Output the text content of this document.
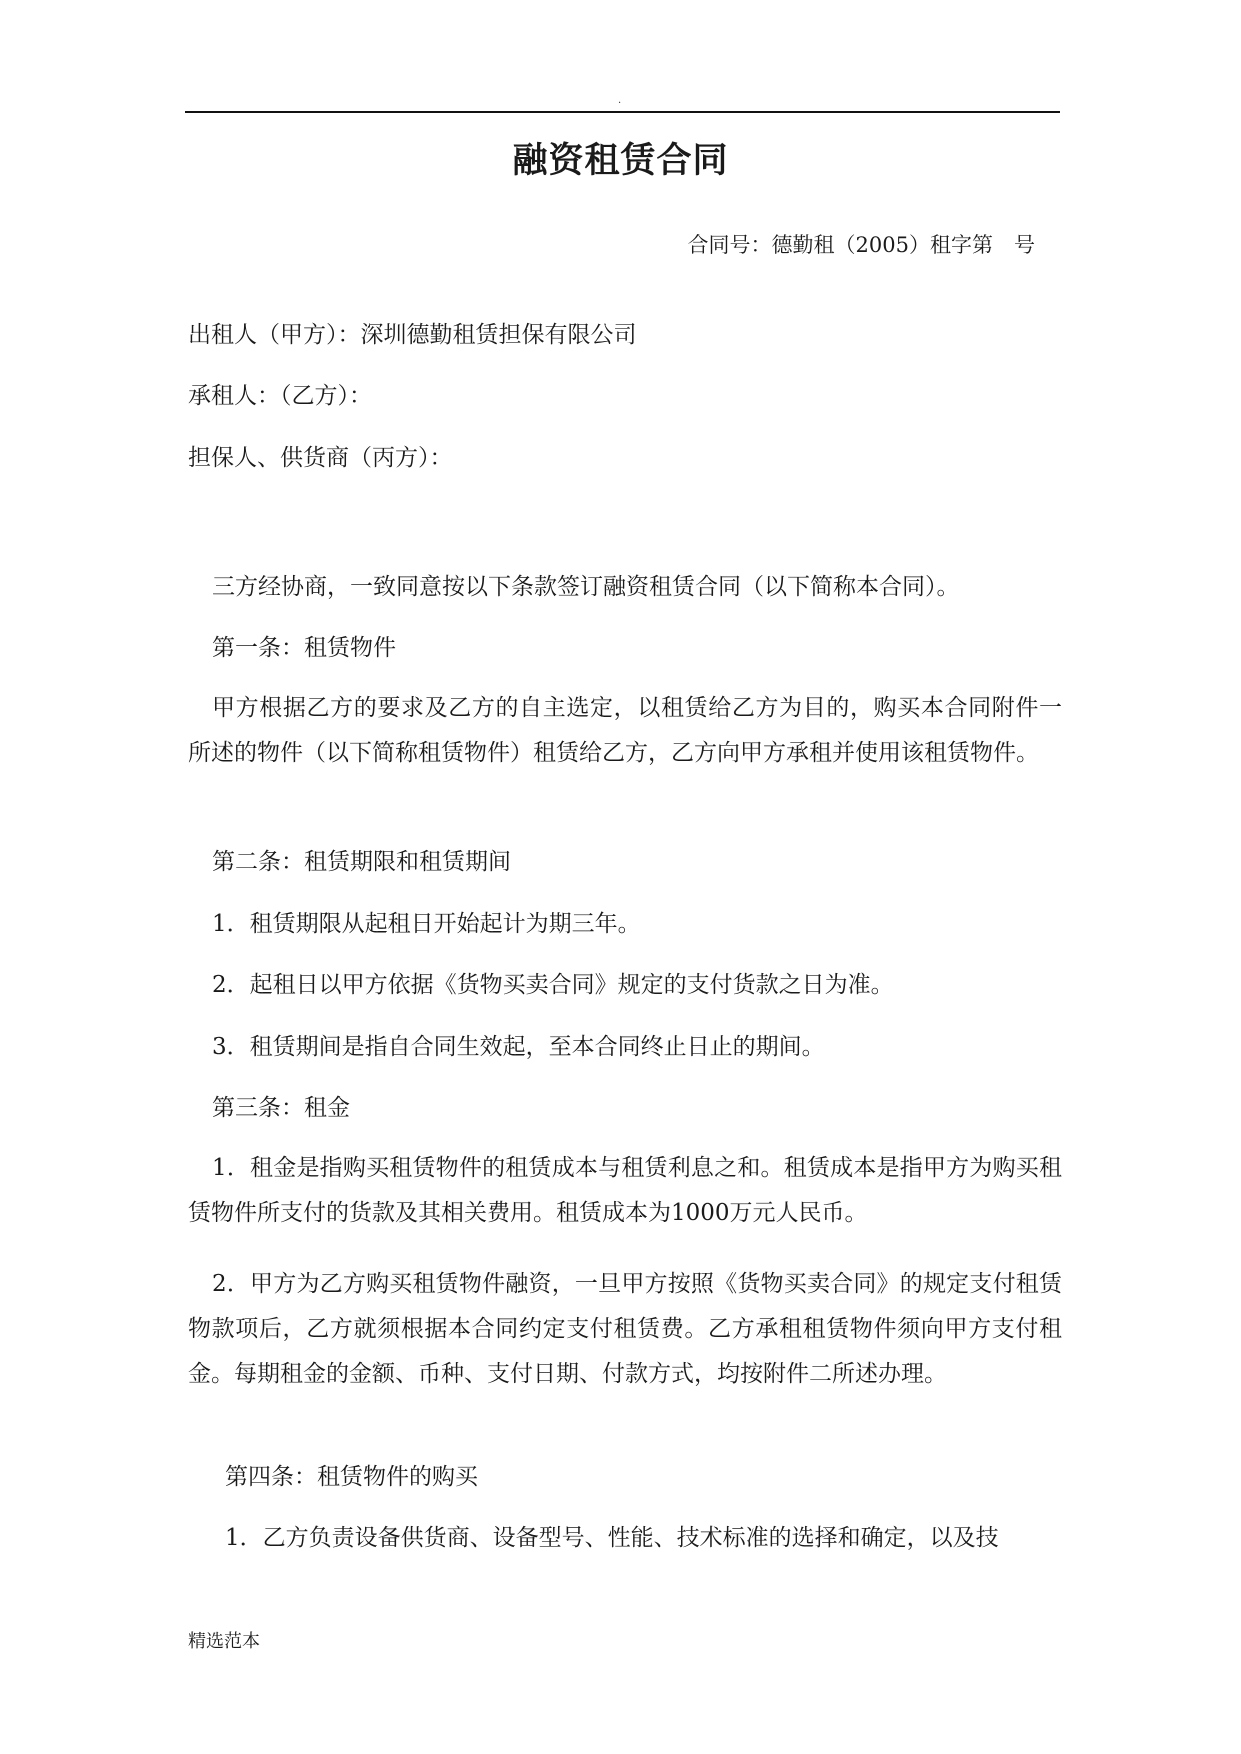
.
融资租赁合同
合同号：德勤租（2005）租字第　号
出租人（甲方）：深圳德勤租赁担保有限公司
承租人：（乙方）：
担保人、供货商（丙方）：
三方经协商，一致同意按以下条款签订融资租赁合同（以下简称本合同）。
第一条：租赁物件

甲方根据乙方的要求及乙方的自主选定，以租赁给乙方为目的，购买本合同附件一所述的物件（以下简称租赁物件）租赁给乙方，乙方向甲方承租并使用该租赁物件。

第二条：租赁期限和租赁期间
1．租赁期限从起租日开始起计为期三年。
2．起租日以甲方依据《货物买卖合同》规定的支付货款之日为准。
3．租赁期间是指自合同生效起，至本合同终止日止的期间。
第三条：租金

1．租金是指购买租赁物件的租赁成本与租赁利息之和。租赁成本是指甲方为购买租赁物件所支付的货款及其相关费用。租赁成本为1000万元人民币。

2．甲方为乙方购买租赁物件融资，一旦甲方按照《货物买卖合同》的规定支付租赁物款项后，乙方就须根据本合同约定支付租赁费。乙方承租租赁物件须向甲方支付租金。每期租金的金额、币种、支付日期、付款方式，均按附件二所述办理。

第四条：租赁物件的购买
1．乙方负责设备供货商、设备型号、性能、技术标准的选择和确定，以及技
精选范本
